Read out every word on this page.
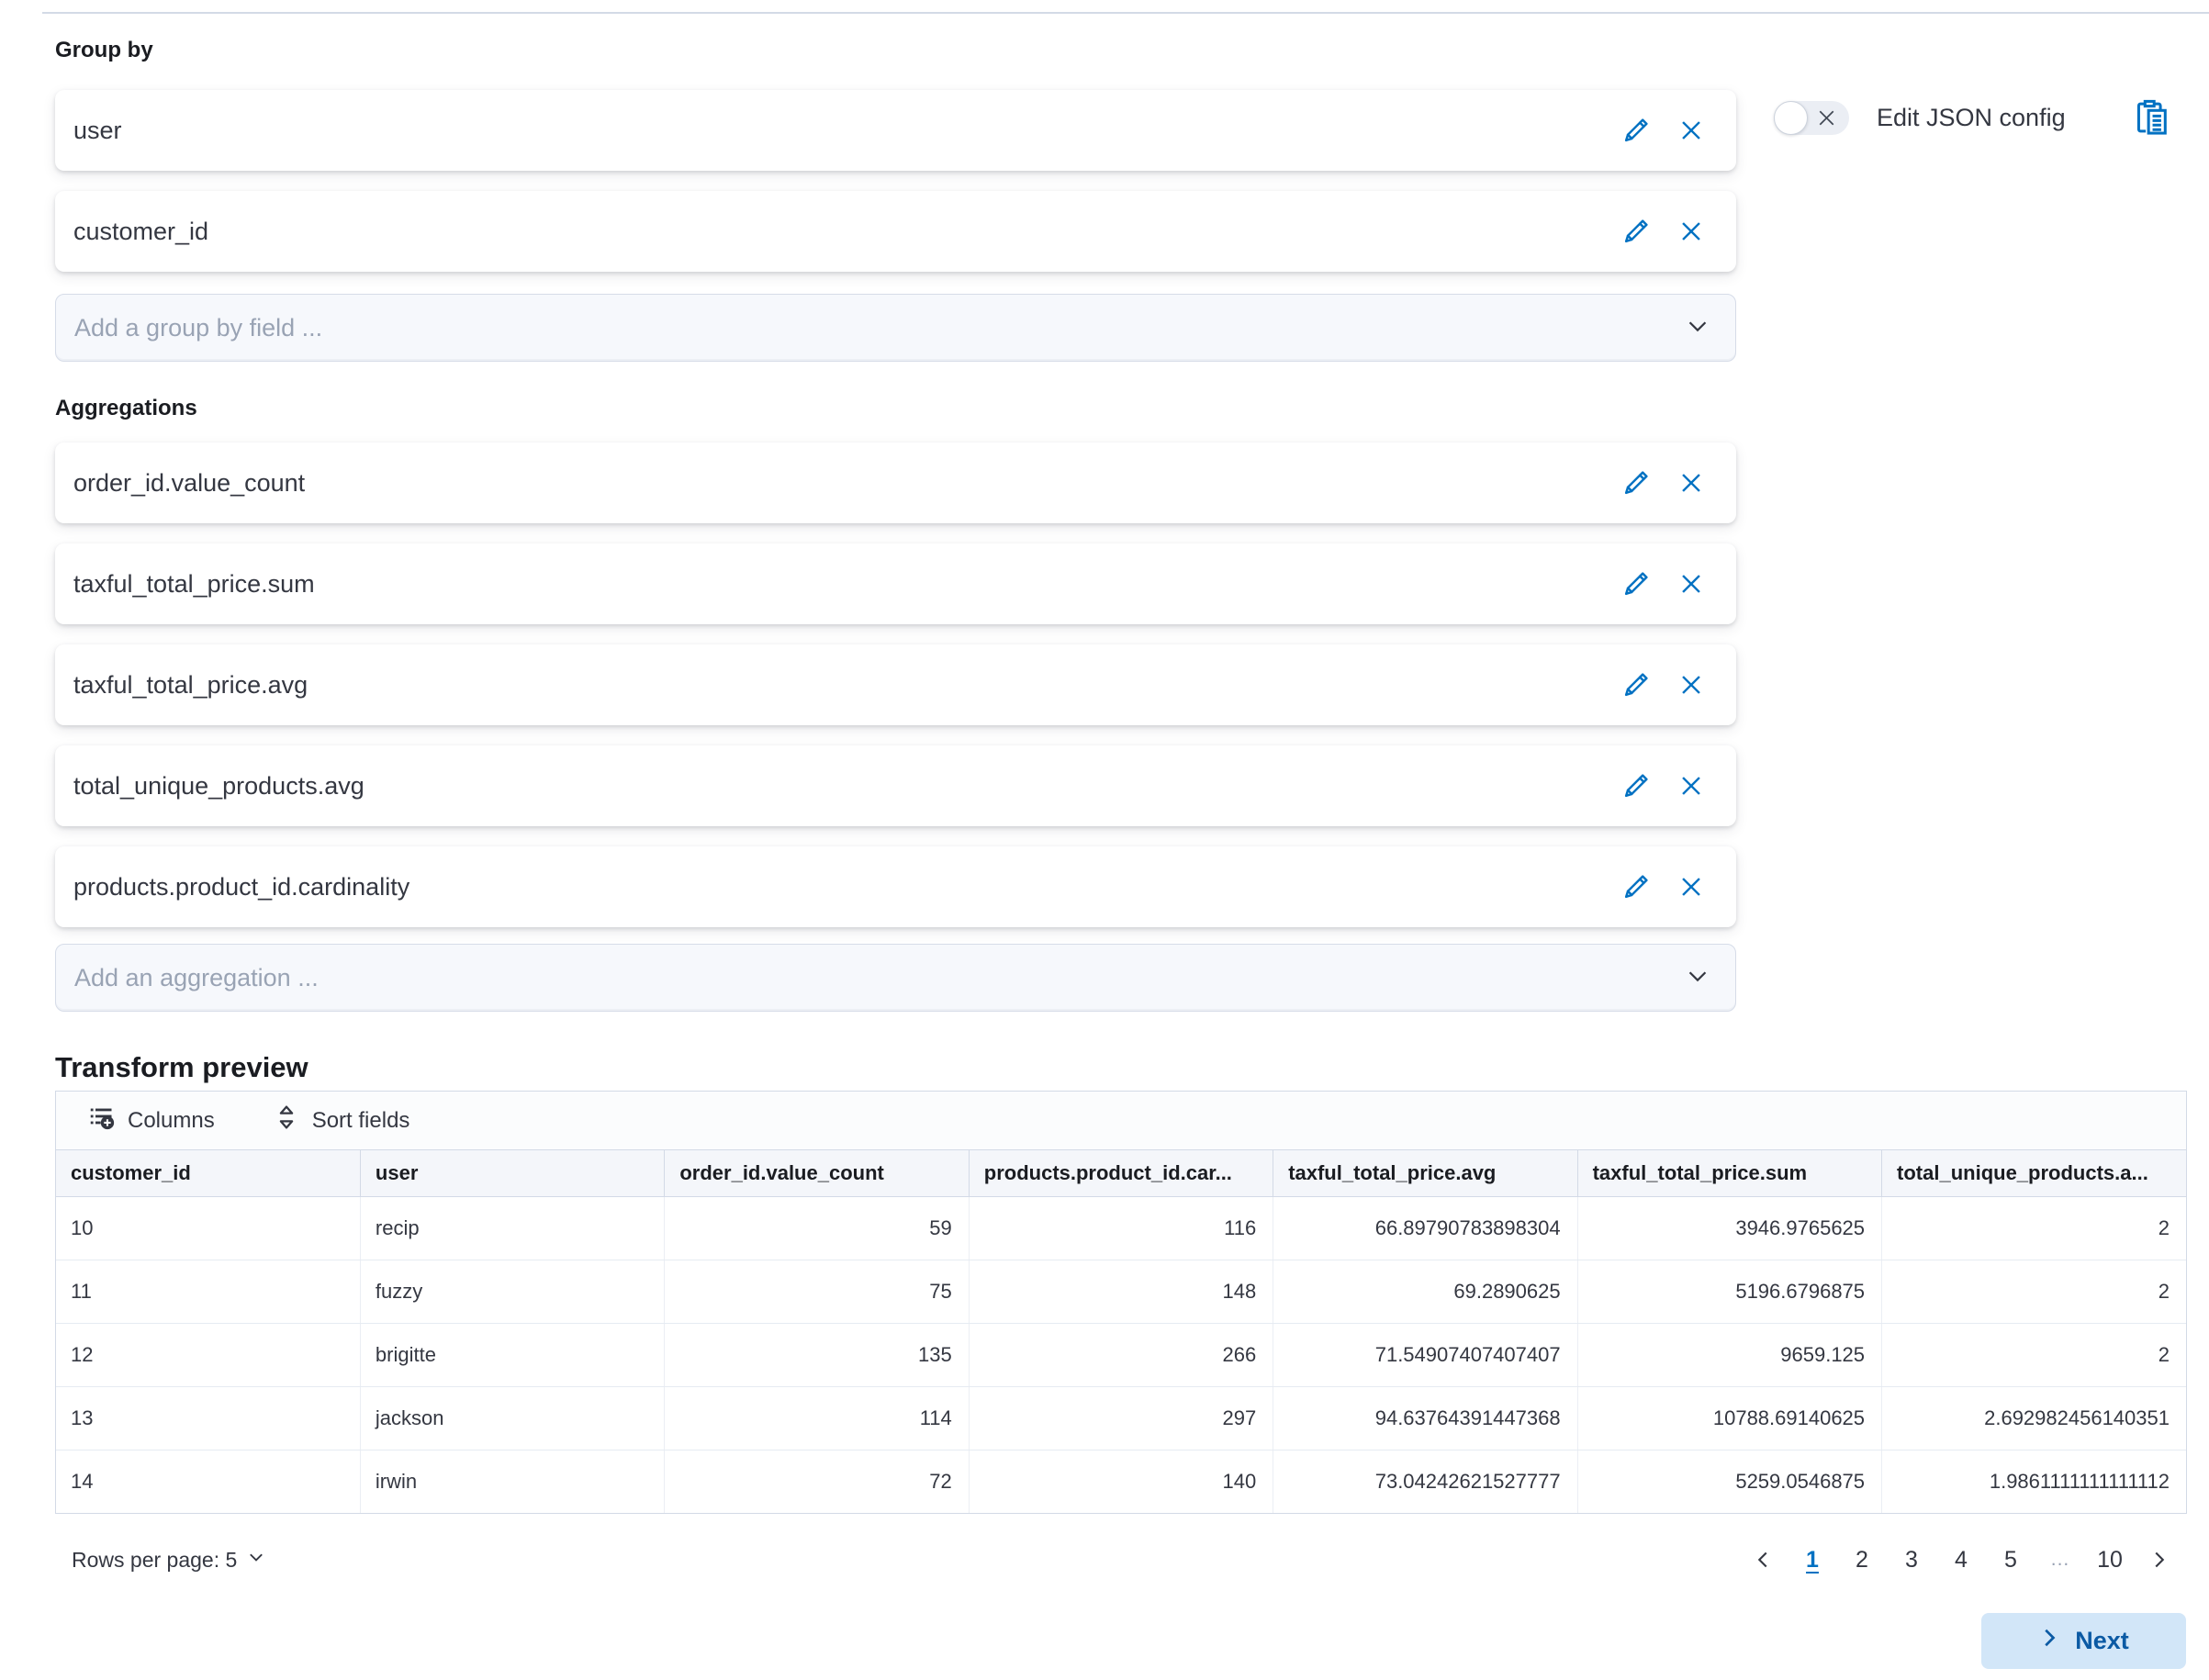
Edit JSON config
Group by
user
customer_id
Add a group by field ...
Aggregations
order_id.value_count
taxful_total_price.sum
taxful_total_price.avg
total_unique_products.avg
products.product_id.cardinality
Add an aggregation ...
Transform preview
Columns	Sort fields
customer_id	user	order_id.value_count	products.product_id.car...	taxful_total_price.avg	taxful_total_price.sum	total_unique_products.a...
10	recip	59	116	66.89790783898304	3946.9765625	2
11	fuzzy	75	148	69.2890625	5196.6796875	2
12	brigitte	135	266	71.54907407407407	9659.125	2
13	jackson	114	297	94.63764391447368	10788.69140625	2.692982456140351
14	irwin	72	140	73.04242621527777	5259.0546875	1.9861111111111112
Rows per page: 5	1	2	3	4	5	...	10
Next
